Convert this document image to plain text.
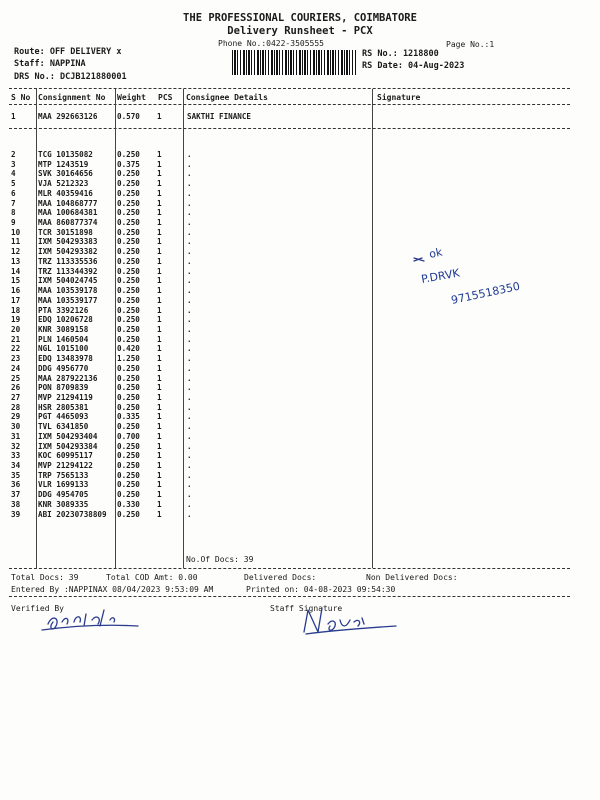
THE PROFESSIONAL COURIERS, COIMBATORE
Delivery Runsheet - PCX
Phone No.:0422-3505555	Page No.:1
Route: OFF DELIVERY x
Staff: NAPPINA
DRS No.: DCJB121880001
RS No.: 1218800
RS Date: 04-Aug-2023
S No Consignment No Weight PCS Consignee Details	Signature
1	MAA 292663126	0.570 1	SAKTHI FINANCE
2	TCG 10135082	0.250 1	.
3	MTP 1243519	0.375 1	.
4	SVK 30164656	0.250 1	.
5	VJA 5212323	0.250 1	.
6	MLR 40359416	0.250 1	.
7	MAA 104868777	0.250 1	.
8	MAA 100684381	0.250 1	.
9	MAA 860877374	0.250 1	.
10 TCR 30151898	0.250 1	.
11 IXM 504293383	0.250 1	.
12 IXM 504293382	0.250 1	.
13 TRZ 113335536	0.250 1	.
14 TRZ 113344392	0.250 1	.
15 IXM 504024745	0.250 1	.
16 MAA 103539178	0.250 1	.
17 MAA 103539177	0.250 1	.
18 PTA 3392126	0.250 1	.
19 EDQ 10206728	0.250 1	.
20 KNR 3089158	0.250 1	.
21 PLN 1460504	0.250 1	.
22 NGL 1015100	0.420 1	.
23 EDQ 13483978	1.250 1	.
24 DDG 4956770	0.250 1	.
25 MAA 287922136	0.250 1	.
26 PON 8709839	0.250 1	.
27 MVP 21294119	0.250 1	.
28 HSR 2805381	0.250 1	.
29 PGT 4465093	0.335 1	.
30 TVL 6341850	0.250 1	.
31 IXM 504293404	0.700 1	.
32 IXM 504293384	0.250 1	.
33 KOC 60995117	0.250 1	.
34 MVP 21294122	0.250 1	.
35 TRP 7565133	0.250 1	.
36 VLR 1699133	0.250 1	.
37 DDG 4954705	0.250 1	.
38 KNR 3089335	0.330 1	.
39 ABI 20230738809 0.250 1	.
No.Of Docs: 39
ok
P.DRVK
9715518350
Total Docs: 39	Total COD Amt: 0.00	Delivered Docs:	Non Delivered Docs:
Entered By :NAPPINAX 08/04/2023 9:53:09 AM	Printed on: 04-08-2023 09:54:30
Verified By	Staff Signature
